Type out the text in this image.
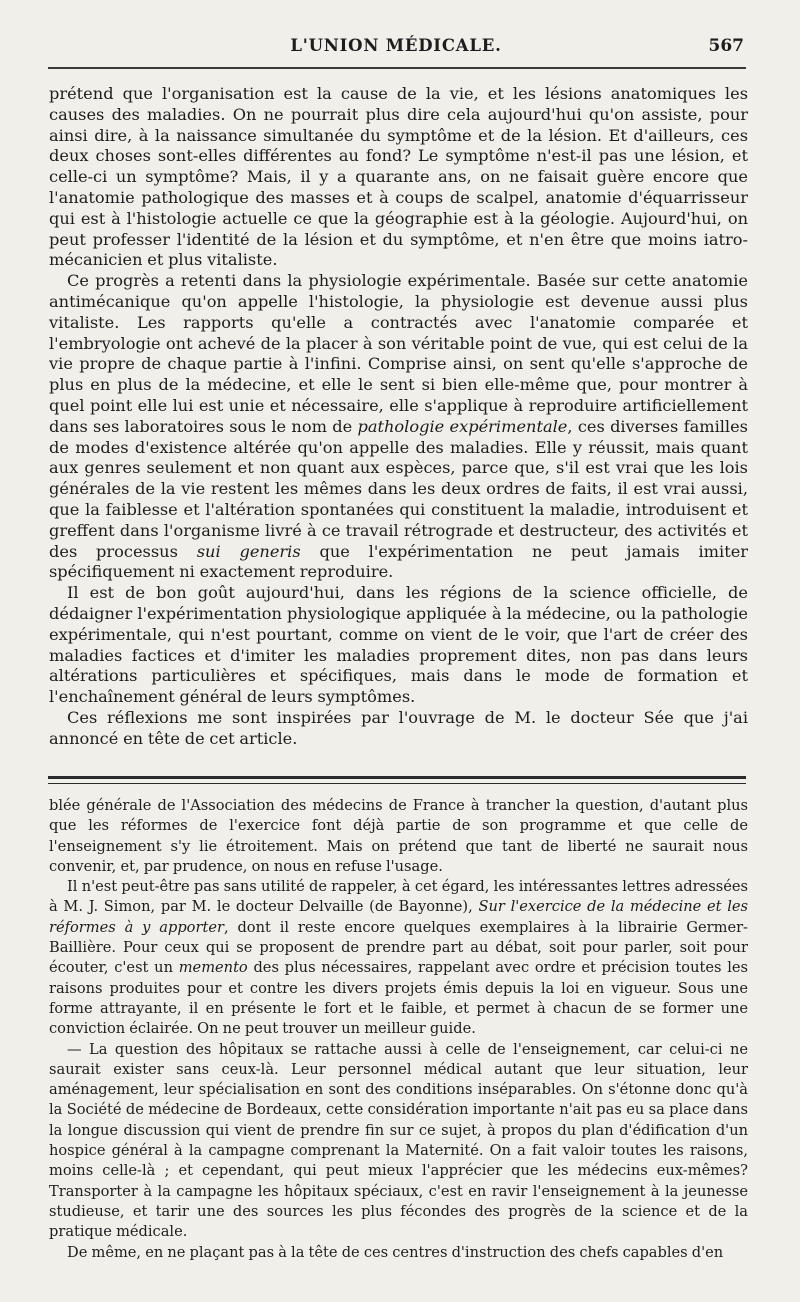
L'UNION MÉDICALE.	567

prétend que l'organisation est la cause de la vie, et les lésions anatomiques les causes des maladies. On ne pourrait plus dire cela aujourd'hui qu'on assiste, pour ainsi dire, à la naissance simultanée du symptôme et de la lésion. Et d'ailleurs, ces deux choses sont-elles différentes au fond? Le symptôme n'est-il pas une lésion, et celle-ci un symptôme? Mais, il y a quarante ans, on ne faisait guère encore que l'anatomie pathologique des masses et à coups de scalpel, anatomie d'équarrisseur qui est à l'histologie actuelle ce que la géographie est à la géologie. Aujourd'hui, on peut professer l'identité de la lésion et du symptôme, et n'en être que moins iatro-mécanicien et plus vitaliste.

Ce progrès a retenti dans la physiologie expérimentale. Basée sur cette anatomie antimécanique qu'on appelle l'histologie, la physiologie est devenue aussi plus vitaliste. Les rapports qu'elle a contractés avec l'anatomie comparée et l'embryologie ont achevé de la placer à son véritable point de vue, qui est celui de la vie propre de chaque partie à l'infini. Comprise ainsi, on sent qu'elle s'approche de plus en plus de la médecine, et elle le sent si bien elle-même que, pour montrer à quel point elle lui est unie et nécessaire, elle s'applique à reproduire artificiellement dans ses laboratoires sous le nom de pathologie expérimentale, ces diverses familles de modes d'existence altérée qu'on appelle des maladies. Elle y réussit, mais quant aux genres seulement et non quant aux espèces, parce que, s'il est vrai que les lois générales de la vie restent les mêmes dans les deux ordres de faits, il est vrai aussi, que la faiblesse et l'altération spontanées qui constituent la maladie, introduisent et greffent dans l'organisme livré à ce travail rétrograde et destructeur, des activités et des processus sui generis que l'expérimentation ne peut jamais imiter spécifiquement ni exactement reproduire.

Il est de bon goût aujourd'hui, dans les régions de la science officielle, de dédaigner l'expérimentation physiologique appliquée à la médecine, ou la pathologie expérimentale, qui n'est pourtant, comme on vient de le voir, que l'art de créer des maladies factices et d'imiter les maladies proprement dites, non pas dans leurs altérations particulières et spécifiques, mais dans le mode de formation et l'enchaînement général de leurs symptômes.

Ces réflexions me sont inspirées par l'ouvrage de M. le docteur Sée que j'ai annoncé en tête de cet article.

blée générale de l'Association des médecins de France à trancher la question, d'autant plus que les réformes de l'exercice font déjà partie de son programme et que celle de l'enseignement s'y lie étroitement. Mais on prétend que tant de liberté ne saurait nous convenir, et, par prudence, on nous en refuse l'usage.

Il n'est peut-être pas sans utilité de rappeler, à cet égard, les intéressantes lettres adressées à M. J. Simon, par M. le docteur Delvaille (de Bayonne), Sur l'exercice de la médecine et les réformes à y apporter, dont il reste encore quelques exemplaires à la librairie Germer-Baillière. Pour ceux qui se proposent de prendre part au débat, soit pour parler, soit pour écouter, c'est un memento des plus nécessaires, rappelant avec ordre et précision toutes les raisons produites pour et contre les divers projets émis depuis la loi en vigueur. Sous une forme attrayante, il en présente le fort et le faible, et permet à chacun de se former une conviction éclairée. On ne peut trouver un meilleur guide.

— La question des hôpitaux se rattache aussi à celle de l'enseignement, car celui-ci ne saurait exister sans ceux-là. Leur personnel médical autant que leur situation, leur aménagement, leur spécialisation en sont des conditions inséparables. On s'étonne donc qu'à la Société de médecine de Bordeaux, cette considération importante n'ait pas eu sa place dans la longue discussion qui vient de prendre fin sur ce sujet, à propos du plan d'édification d'un hospice général à la campagne comprenant la Maternité. On a fait valoir toutes les raisons, moins celle-là ; et cependant, qui peut mieux l'apprécier que les médecins eux-mêmes? Transporter à la campagne les hôpitaux spéciaux, c'est en ravir l'enseignement à la jeunesse studieuse, et tarir une des sources les plus fécondes des progrès de la science et de la pratique médicale.

De même, en ne plaçant pas à la tête de ces centres d'instruction des chefs capables d'en
